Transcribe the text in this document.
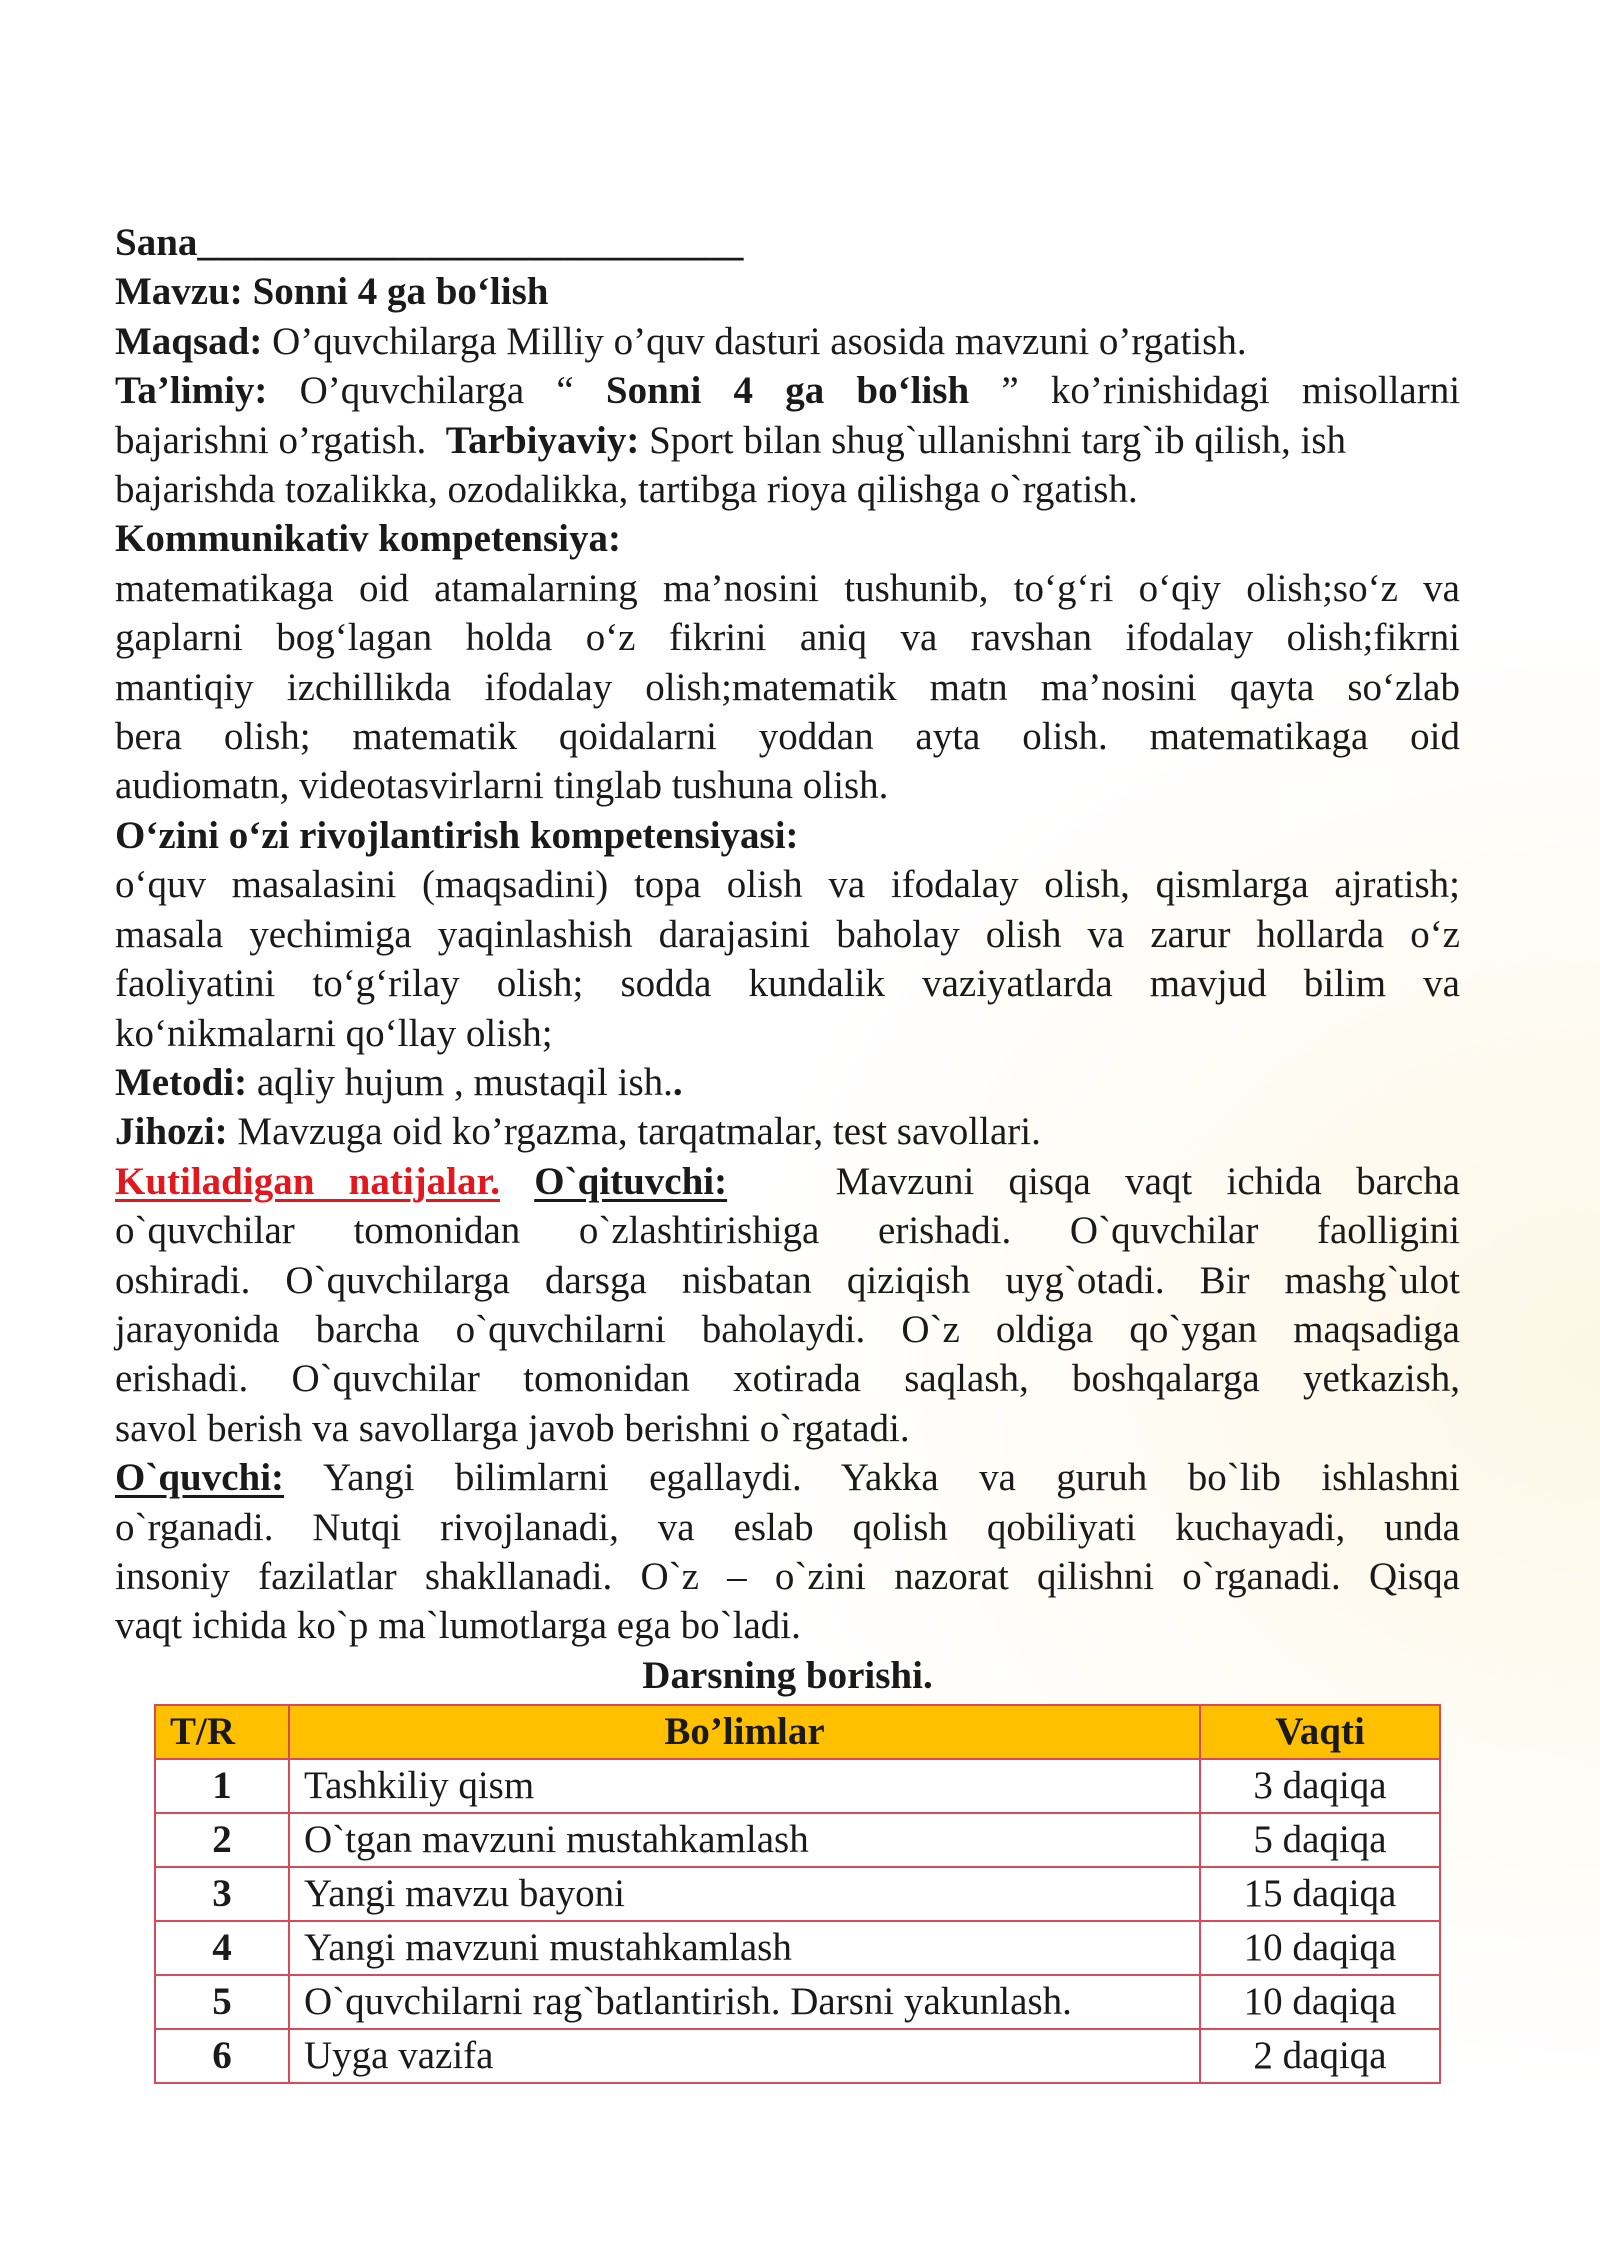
Sana____________________________
Mavzu: Sonni 4 ga bo‘lish
Maqsad: O’quvchilarga Milliy o’quv dasturi asosida mavzuni o’rgatish.
Ta’limiy: O’quvchilarga “ Sonni 4 ga bo‘lish ” ko’rinishidagi misollarni
bajarishni o’rgatish. Tarbiyaviy: Sport bilan shug`ullanishni targ`ib qilish, ish
bajarishda tozalikka, ozodalikka, tartibga rioya qilishga o`rgatish.
Kommunikativ kompetensiya:
matematikaga oid atamalarning ma’nosini tushunib, to‘g‘ri o‘qiy olish;so‘z va
gaplarni bog‘lagan holda o‘z fikrini aniq va ravshan ifodalay olish;fikrni
mantiqiy izchillikda ifodalay olish;matematik matn ma’nosini qayta so‘zlab
bera olish; matematik qoidalarni yoddan ayta olish. matematikaga oid
audiomatn, videotasvirlarni tinglab tushuna olish.
O‘zini o‘zi rivojlantirish kompetensiyasi:
o‘quv masalasini (maqsadini) topa olish va ifodalay olish, qismlarga ajratish;
masala yechimiga yaqinlashish darajasini baholay olish va zarur hollarda o‘z
faoliyatini to‘g‘rilay olish; sodda kundalik vaziyatlarda mavjud bilim va
ko‘nikmalarni qo‘llay olish;
Metodi: aqliy hujum , mustaqil ish..
Jihozi: Mavzuga oid ko’rgazma, tarqatmalar, test savollari.
Kutiladigan natijalar. O`qituvchi:	Mavzuni qisqa vaqt ichida barcha
o`quvchilar tomonidan o`zlashtirishiga erishadi. O`quvchilar faolligini
oshiradi. O`quvchilarga darsga nisbatan qiziqish uyg`otadi. Bir mashg`ulot
jarayonida barcha o`quvchilarni baholaydi. O`z oldiga qo`ygan maqsadiga
erishadi. O`quvchilar tomonidan xotirada saqlash, boshqalarga yetkazish,
savol berish va savollarga javob berishni o`rgatadi.
O`quvchi: Yangi bilimlarni egallaydi. Yakka va guruh bo`lib ishlashni
o`rganadi. Nutqi rivojlanadi, va eslab qolish qobiliyati kuchayadi, unda
insoniy fazilatlar shakllanadi. O`z – o`zini nazorat qilishni o`rganadi. Qisqa
vaqt ichida ko`p ma`lumotlarga ega bo`ladi.
Darsning borishi.
T/R	Bo’limlar	Vaqti
1	Tashkiliy qism	3 daqiqa
2	O`tgan mavzuni mustahkamlash	5 daqiqa
3	Yangi mavzu bayoni	15 daqiqa
4	Yangi mavzuni mustahkamlash	10 daqiqa
5	O`quvchilarni rag`batlantirish. Darsni yakunlash.	10 daqiqa
6	Uyga vazifa	2 daqiqa
